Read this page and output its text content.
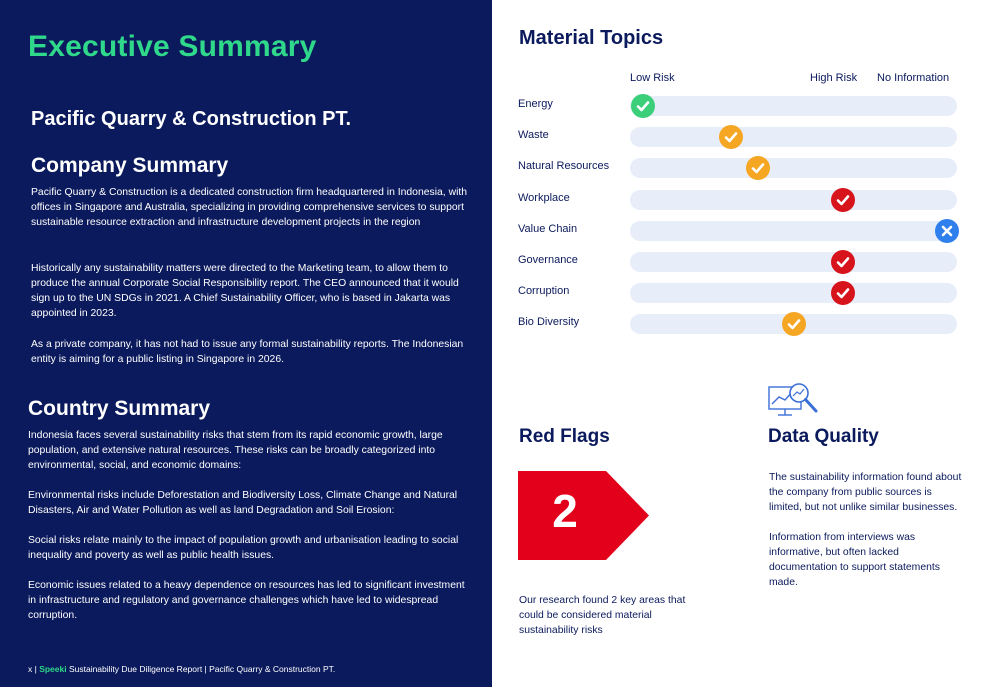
Executive Summary
Pacific Quarry & Construction PT.
Company Summary
Pacific Quarry & Construction is a dedicated construction firm headquartered in Indonesia, with offices in Singapore and Australia, specializing in providing comprehensive services to support sustainable resource extraction and infrastructure development projects in the region
Historically any sustainability matters were directed to the Marketing team, to allow them to produce the annual Corporate Social Responsibility report. The CEO announced that it would sign up to the UN SDGs in 2021. A Chief Sustainability Officer, who is based in Jakarta was appointed in 2023.
As a private company, it has not had to issue any formal sustainability reports. The Indonesian entity is aiming for a public listing in Singapore in 2026.
Country Summary
Indonesia faces several sustainability risks that stem from its rapid economic growth, large population, and extensive natural resources. These risks can be broadly categorized into environmental, social, and economic domains:
Environmental risks include Deforestation and Biodiversity Loss, Climate Change and Natural Disasters, Air and Water Pollution as well as land Degradation and Soil Erosion:
Social risks relate mainly to the impact of population growth and urbanisation leading to social inequality and poverty as well as public health issues.
Economic issues related to a heavy dependence on resources has led to significant investment in infrastructure and regulatory and governance challenges which have led to widespread corruption.
x | Speeki Sustainability Due Diligence Report | Pacific Quarry & Construction PT.
Material Topics
Low Risk	High Risk No Information
Energy
Waste
Natural Resources
Workplace
Value Chain
Governance
Corruption
Bio Diversity
Red Flags
2
Our research found 2 key areas that could be considered material sustainability risks
Data Quality
The sustainability information found about the company from public sources is limited, but not unlike similar businesses.
Information from interviews was informative, but often lacked documentation to support statements made.
